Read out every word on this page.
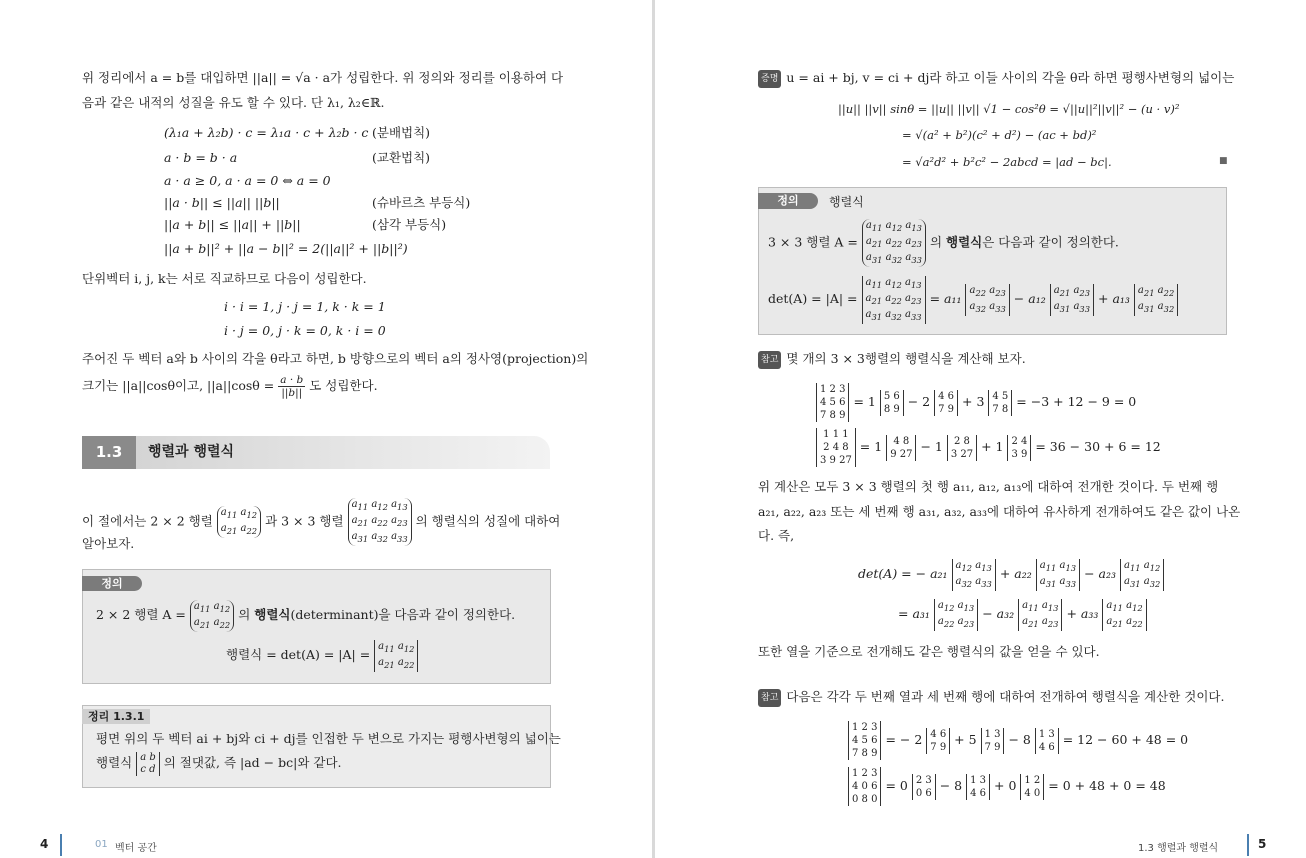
위 정리에서 a = b를 대입하면 ||a|| = √a · a가 성립한다. 위 정의와 정리를 이용하여 다
음과 같은 내적의 성질을 유도 할 수 있다. 단 λ₁, λ₂∈ℝ.
(λ₁a + λ₂b) · c = λ₁a · c + λ₂b · c (분배법칙)
a · b = b · a	(교환법칙)
a · a ≥ 0, a · a = 0 ⇔ a = 0
||a · b|| ≤ ||a|| ||b||	(슈바르츠 부등식)
||a + b|| ≤ ||a|| + ||b||	(삼각 부등식)
||a + b||² + ||a − b||² = 2(||a||² + ||b||²)
단위벡터 i, j, k는 서로 직교하므로 다음이 성립한다.
i · i = 1, j · j = 1, k · k = 1
i · j = 0, j · k = 0, k · i = 0
주어진 두 벡터 a와 b 사이의 각을 θ라고 하면, b 방향으로의 벡터 a의 정사영(projection)의
크기는 ||a||cosθ이고, $||a||\cos\theta = \frac{a \cdot b}{||b||}$ 도 성립한다.
1.3	행렬과 행렬식
이 절에서는 2 × 2 행렬 $a_{11}$ $a_{12}$
$a_{21}$ $a_{22}$ 과 3 × 3 행렬 $a_{11}$ $a_{12}$ $a_{13}$
$a_{21}$ $a_{22}$ $a_{23}$
$a_{31}$ $a_{32}$ $a_{33}$ 의 행렬식의 성질에 대하여
알아보자.
정의
2 × 2 행렬 $A = a_{11}$ $a_{12}$
$a_{21}$ $a_{22}$ 의 행렬식(determinant)을 다음과 같이 정의한다.
행렬식 = $\det(A) = |A| = a_{11}$ $a_{12}$
$a_{21}$ $a_{22}$
정리 1.3.1
평면 위의 두 벡터 ai + bj와 ci + dj를 인접한 두 변으로 가지는 평행사변형의 넓이는
행렬식 a b
c d 의 절댓값, 즉 |ad − bc|와 같다.
4	01 벡터 공간
증명 u = ai + bj, v = ci + dj라 하고 이들 사이의 각을 θ라 하면 평행사변형의 넓이는
||u|| ||v|| sinθ = ||u|| ||v|| √1 − cos²θ = √||u||²||v||² − (u · v)²
= √(a² + b²)(c² + d²) − (ac + bd)²
= √a²d² + b²c² − 2abcd = |ad − bc|.	■
정의	행렬식
3 × 3 행렬 $A = a_{11}$ $a_{12}$ $a_{13}$
$a_{21}$ $a_{22}$ $a_{23}$
$a_{31}$ $a_{32}$ $a_{33}$ 의 행렬식은 다음과 같이 정의한다.
$\det(A) = |A| = a_{11}$ $a_{12}$ $a_{13}$
$a_{21}$ $a_{22}$ $a_{23}$
$a_{31}$ $a_{32}$ $a_{33} = a_{11}$ $a_{22}$ $a_{23}$
$a_{32}$ $a_{33} - a_{12}$ $a_{21}$ $a_{23}$
$a_{31}$ $a_{33} + a_{13}$ $a_{21}$ $a_{22}$
$a_{31}$ $a_{32}$
참고 몇 개의 3 × 3행렬의 행렬식을 계산해 보자.
1 2 3
4 5 6
7 8 9 = 1 5 6
8 9 − 2 4 6
7 9 + 3 4 5
7 8 = −3 + 12 − 9 = 0
1 1 1
2 4 8
3 9 27 = 1 4 8
9 27 − 1 2 8
3 27 + 1 2 4
3 9 = 36 − 30 + 6 = 12
위 계산은 모두 3 × 3 행렬의 첫 행 a₁₁, a₁₂, a₁₃에 대하여 전개한 것이다. 두 번째 행
a₂₁, a₂₂, a₂₃ 또는 세 번째 행 a₃₁, a₃₂, a₃₃에 대하여 유사하게 전개하여도 같은 값이 나온
다. 즉,
det(A) = − a₂₁ $a_{12}$ $a_{13}$
$a_{32}$ $a_{33} + a_{22}$ $a_{11}$ $a_{13}$
$a_{31}$ $a_{33} - a_{23}$ $a_{11}$ $a_{12}$
$a_{31}$ $a_{32}$
= a₃₁ $a_{12}$ $a_{13}$
$a_{22}$ $a_{23} - a_{32}$ $a_{11}$ $a_{13}$
$a_{21}$ $a_{23} + a_{33}$ $a_{11}$ $a_{12}$
$a_{21}$ $a_{22}$
또한 열을 기준으로 전개해도 같은 행렬식의 값을 얻을 수 있다.
참고 다음은 각각 두 번째 열과 세 번째 행에 대하여 전개하여 행렬식을 계산한 것이다.
1 2 3
4 5 6
7 8 9 = − 2 4 6
7 9 + 5 1 3
7 9 − 8 1 3
4 6 = 12 − 60 + 48 = 0
1 2 3
4 0 6
0 8 0 = 0 2 3
0 6 − 8 1 3
4 6 + 0 1 2
4 0 = 0 + 48 + 0 = 48
1.3 행렬과 행렬식	5
